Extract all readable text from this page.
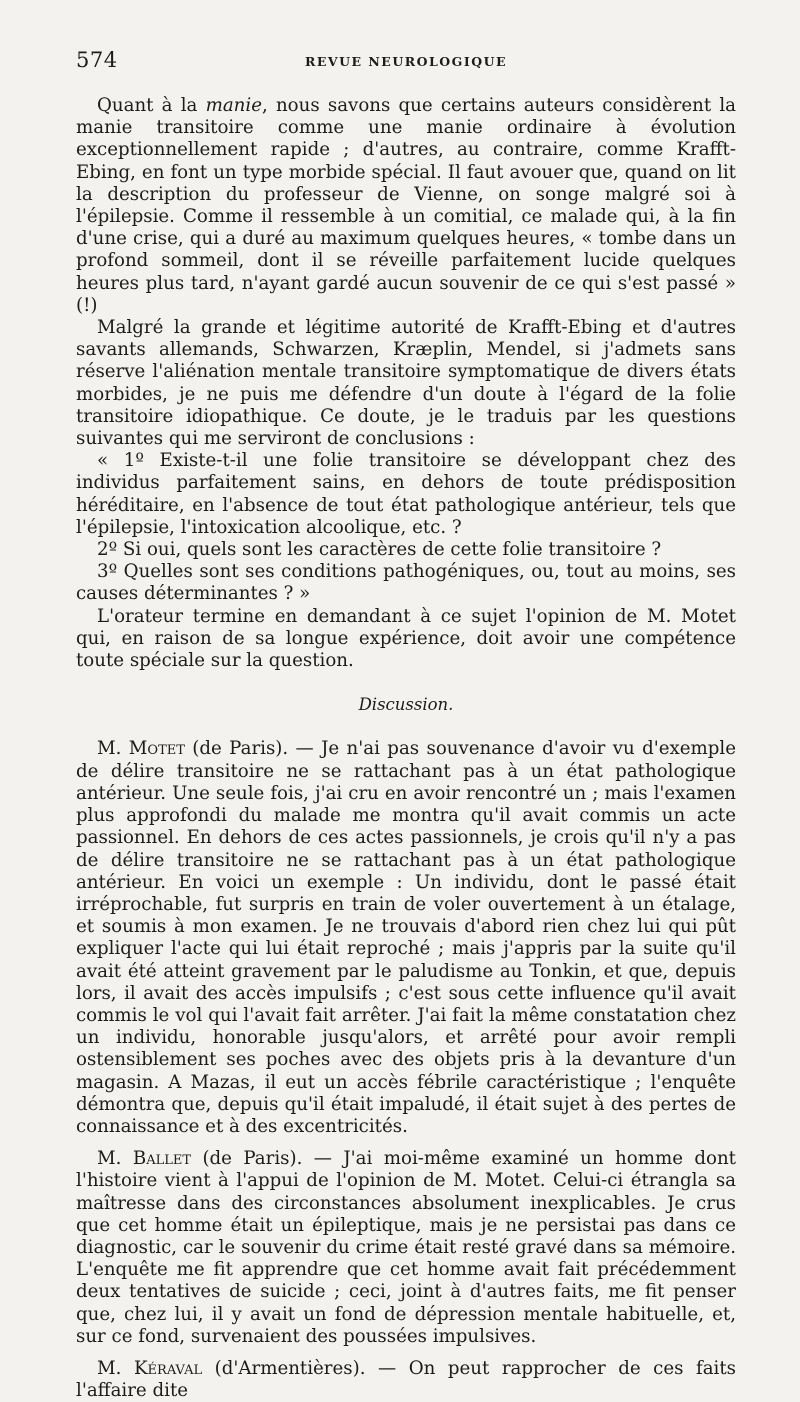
574	REVUE NEUROLOGIQUE

Quant à la manie, nous savons que certains auteurs considèrent la manie transitoire comme une manie ordinaire à évolution exceptionnellement rapide ; d'autres, au contraire, comme Krafft-Ebing, en font un type morbide spécial. Il faut avouer que, quand on lit la description du professeur de Vienne, on songe malgré soi à l'épilepsie. Comme il ressemble à un comitial, ce malade qui, à la fin d'une crise, qui a duré au maximum quelques heures, « tombe dans un profond sommeil, dont il se réveille parfaitement lucide quelques heures plus tard, n'ayant gardé aucun souvenir de ce qui s'est passé » (!)

Malgré la grande et légitime autorité de Krafft-Ebing et d'autres savants allemands, Schwarzen, Kræplin, Mendel, si j'admets sans réserve l'aliénation mentale transitoire symptomatique de divers états morbides, je ne puis me défendre d'un doute à l'égard de la folie transitoire idiopathique. Ce doute, je le traduis par les questions suivantes qui me serviront de conclusions :

« 1º Existe-t-il une folie transitoire se développant chez des individus parfaitement sains, en dehors de toute prédisposition héréditaire, en l'absence de tout état pathologique antérieur, tels que l'épilepsie, l'intoxication alcoolique, etc. ?

2º Si oui, quels sont les caractères de cette folie transitoire ?

3º Quelles sont ses conditions pathogéniques, ou, tout au moins, ses causes déterminantes ? »

L'orateur termine en demandant à ce sujet l'opinion de M. Motet qui, en raison de sa longue expérience, doit avoir une compétence toute spéciale sur la question.

Discussion.

M. Motet (de Paris). — Je n'ai pas souvenance d'avoir vu d'exemple de délire transitoire ne se rattachant pas à un état pathologique antérieur. Une seule fois, j'ai cru en avoir rencontré un ; mais l'examen plus approfondi du malade me montra qu'il avait commis un acte passionnel. En dehors de ces actes passionnels, je crois qu'il n'y a pas de délire transitoire ne se rattachant pas à un état pathologique antérieur. En voici un exemple : Un individu, dont le passé était irréprochable, fut surpris en train de voler ouvertement à un étalage, et soumis à mon examen. Je ne trouvais d'abord rien chez lui qui pût expliquer l'acte qui lui était reproché ; mais j'appris par la suite qu'il avait été atteint gravement par le paludisme au Tonkin, et que, depuis lors, il avait des accès impulsifs ; c'est sous cette influence qu'il avait commis le vol qui l'avait fait arrêter. J'ai fait la même constatation chez un individu, honorable jusqu'alors, et arrêté pour avoir rempli ostensiblement ses poches avec des objets pris à la devanture d'un magasin. A Mazas, il eut un accès fébrile caractéristique ; l'enquête démontra que, depuis qu'il était impaludé, il était sujet à des pertes de connaissance et à des excentricités.

M. Ballet (de Paris). — J'ai moi-même examiné un homme dont l'histoire vient à l'appui de l'opinion de M. Motet. Celui-ci étrangla sa maîtresse dans des circonstances absolument inexplicables. Je crus que cet homme était un épileptique, mais je ne persistai pas dans ce diagnostic, car le souvenir du crime était resté gravé dans sa mémoire. L'enquête me fit apprendre que cet homme avait fait précédemment deux tentatives de suicide ; ceci, joint à d'autres faits, me fit penser que, chez lui, il y avait un fond de dépression mentale habituelle, et, sur ce fond, survenaient des poussées impulsives.

M. Kéraval (d'Armentières). — On peut rapprocher de ces faits l'affaire dite
